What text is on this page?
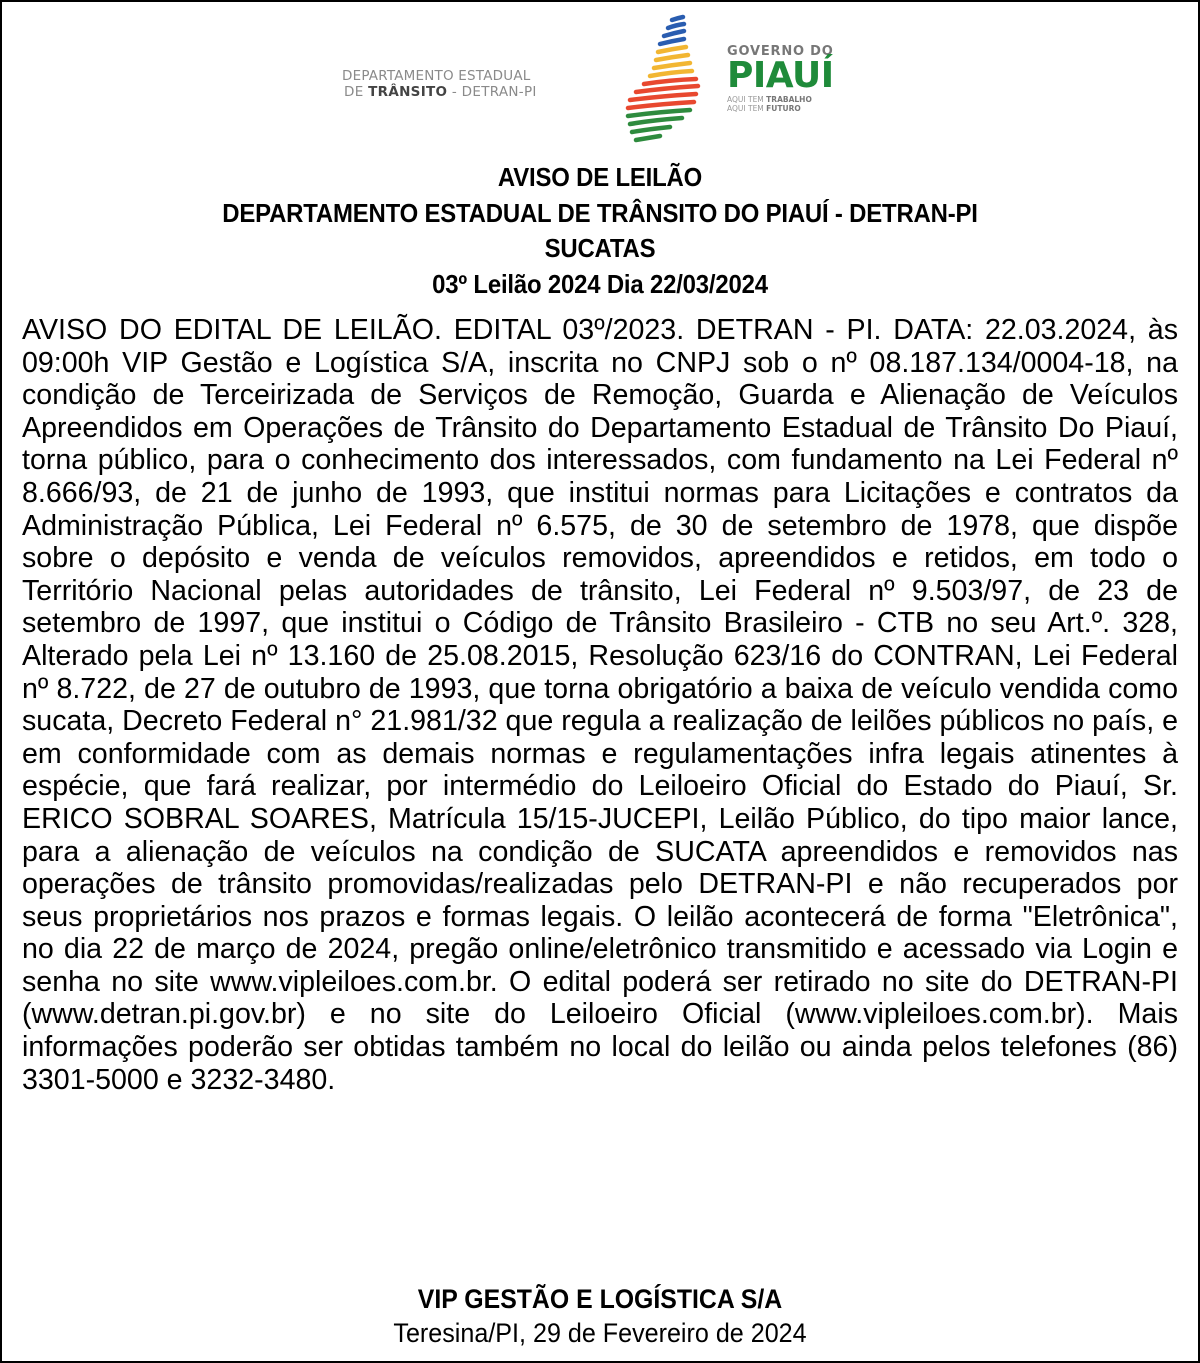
DEPARTAMENTO ESTADUAL
DE TRÂNSITO - DETRAN-PI
GOVERNO DO
PIAUÍ
AQUI TEM TRABALHO
AQUI TEM FUTURO
AVISO DE LEILÃO
DEPARTAMENTO ESTADUAL DE TRÂNSITO DO PIAUÍ - DETRAN-PI
SUCATAS
03º Leilão 2024 Dia 22/03/2024
AVISO DO EDITAL DE LEILÃO. EDITAL 03º/2023. DETRAN - PI. DATA: 22.03.2024, às 09:00h VIP Gestão e Logística S/A, inscrita no CNPJ sob o nº 08.187.134/0004-18, na condição de Terceirizada de Serviços de Remoção, Guarda e Alienação de Veículos Apreendidos em Operações de Trânsito do Departamento Estadual de Trânsito Do Piauí, torna público, para o conhecimento dos interessados, com fundamento na Lei Federal nº 8.666/93, de 21 de junho de 1993, que institui normas para Licitações e contratos da Administração Pública, Lei Federal nº 6.575, de 30 de setembro de 1978, que dispõe sobre o depósito e venda de veículos removidos, apreendidos e retidos, em todo o Território Nacional pelas autoridades de trânsito, Lei Federal nº 9.503/97, de 23 de setembro de 1997, que institui o Código de Trânsito Brasileiro - CTB no seu Art.º. 328, Alterado pela Lei nº 13.160 de 25.08.2015, Resolução 623/16 do CONTRAN, Lei Federal nº 8.722, de 27 de outubro de 1993, que torna obrigatório a baixa de veículo vendida como sucata, Decreto Federal n° 21.981/32 que regula a realização de leilões públicos no país, e em conformidade com as demais normas e regulamentações infra legais atinentes à espécie, que fará realizar, por intermédio do Leiloeiro Oficial do Estado do Piauí, Sr. ERICO SOBRAL SOARES, Matrícula 15/15-JUCEPI, Leilão Público, do tipo maior lance, para a alienação de veículos na condição de SUCATA apreendidos e removidos nas operações de trânsito promovidas/realizadas pelo DETRAN-PI e não recuperados por seus proprietários nos prazos e formas legais. O leilão acontecerá de forma "Eletrônica", no dia 22 de março de 2024, pregão online/eletrônico transmitido e acessado via Login e senha no site www.vipleiloes.com.br. O edital poderá ser retirado no site do DETRAN-PI (www.detran.pi.gov.br) e no site do Leiloeiro Oficial (www.vipleiloes.com.br). Mais informações poderão ser obtidas também no local do leilão ou ainda pelos telefones (86) 3301-5000 e 3232-3480.
VIP GESTÃO E LOGÍSTICA S/A
Teresina/PI, 29 de Fevereiro de 2024
